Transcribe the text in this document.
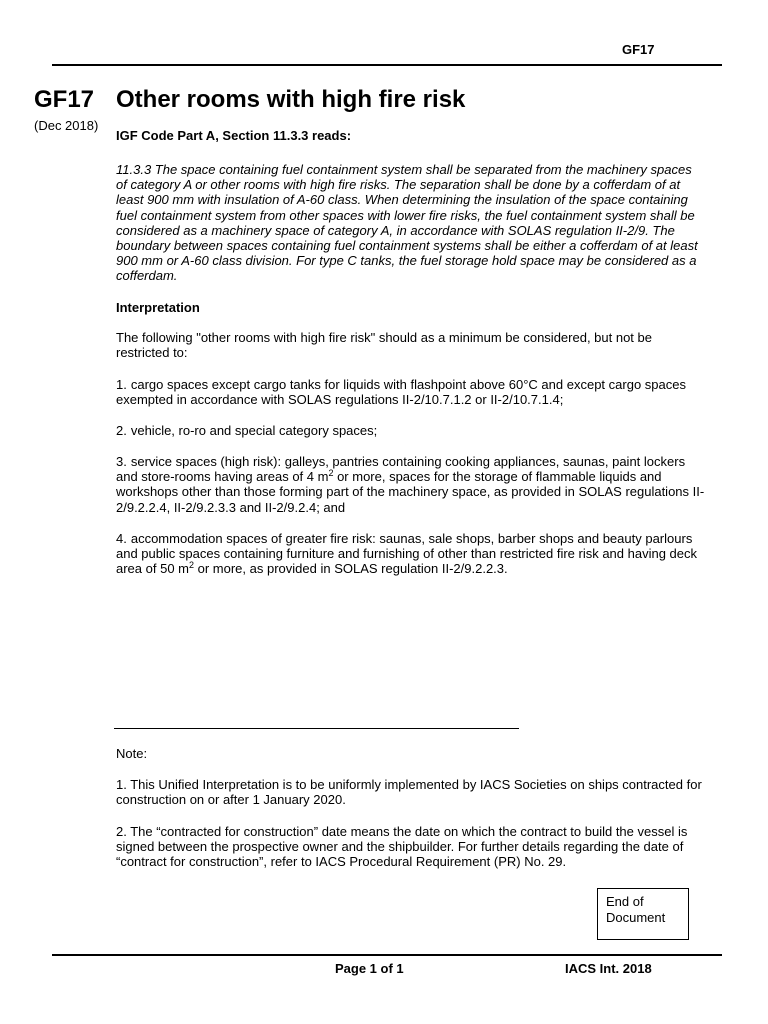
GF17
GF17
(Dec 2018)
Other rooms with high fire risk
IGF Code Part A, Section 11.3.3 reads:
11.3.3 The space containing fuel containment system shall be separated from the machinery spaces of category A or other rooms with high fire risks. The separation shall be done by a cofferdam of at least 900 mm with insulation of A-60 class. When determining the insulation of the space containing fuel containment system from other spaces with lower fire risks, the fuel containment system shall be considered as a machinery space of category A, in accordance with SOLAS regulation II-2/9. The boundary between spaces containing fuel containment systems shall be either a cofferdam of at least 900 mm or A-60 class division. For type C tanks, the fuel storage hold space may be considered as a cofferdam.
Interpretation
The following "other rooms with high fire risk" should as a minimum be considered, but not be restricted to:
1. cargo spaces except cargo tanks for liquids with flashpoint above 60°C and except cargo spaces exempted in accordance with SOLAS regulations II-2/10.7.1.2 or II-2/10.7.1.4;
2. vehicle, ro-ro and special category spaces;
3. service spaces (high risk): galleys, pantries containing cooking appliances, saunas, paint lockers and store-rooms having areas of 4 $m^2$ or more, spaces for the storage of flammable liquids and workshops other than those forming part of the machinery space, as provided in SOLAS regulations II-2/9.2.2.4, II-2/9.2.3.3 and II-2/9.2.4; and
4. accommodation spaces of greater fire risk: saunas, sale shops, barber shops and beauty parlours and public spaces containing furniture and furnishing of other than restricted fire risk and having deck area of 50 $m^2$ or more, as provided in SOLAS regulation II-2/9.2.2.3.
Note:
1. This Unified Interpretation is to be uniformly implemented by IACS Societies on ships contracted for construction on or after 1 January 2020.
2. The “contracted for construction” date means the date on which the contract to build the vessel is signed between the prospective owner and the shipbuilder. For further details regarding the date of “contract for construction”, refer to IACS Procedural Requirement (PR) No. 29.
End of
Document
Page 1 of 1	IACS Int. 2018
